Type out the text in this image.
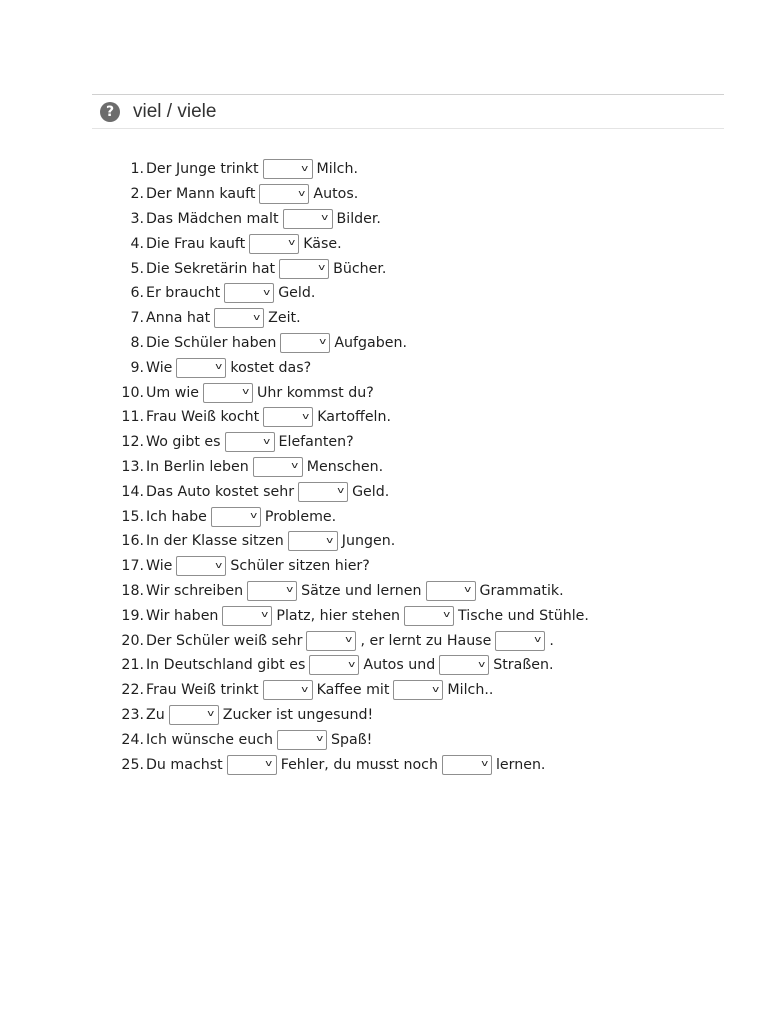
? viel / viele
1. Der Junge trinkt	v Milch.
2. Der Mann kauft	v Autos.
3. Das Mädchen malt	v Bilder.
4. Die Frau kauft	v Käse.
5. Die Sekretärin hat	v Bücher.
6. Er braucht	v Geld.
7. Anna hat	v Zeit.
8. Die Schüler haben	v Aufgaben.
9. Wie	v kostet das?
10. Um wie	v Uhr kommst du?
11. Frau Weiß kocht	v Kartoffeln.
12. Wo gibt es	v Elefanten?
13. In Berlin leben	v Menschen.
14. Das Auto kostet sehr	v Geld.
15. Ich habe	v Probleme.
16. In der Klasse sitzen	v Jungen.
17. Wie	v Schüler sitzen hier?
18. Wir schreiben	v Sätze und lernen	v Grammatik.
19. Wir haben	v Platz, hier stehen	v Tische und Stühle.
20. Der Schüler weiß sehr	v , er lernt zu Hause	v .
21. In Deutschland gibt es	v Autos und	v Straßen.
22. Frau Weiß trinkt	v Kaffee mit	v Milch..
23. Zu	v Zucker ist ungesund!
24. Ich wünsche euch	v Spaß!
25. Du machst	v Fehler, du musst noch	v lernen.
